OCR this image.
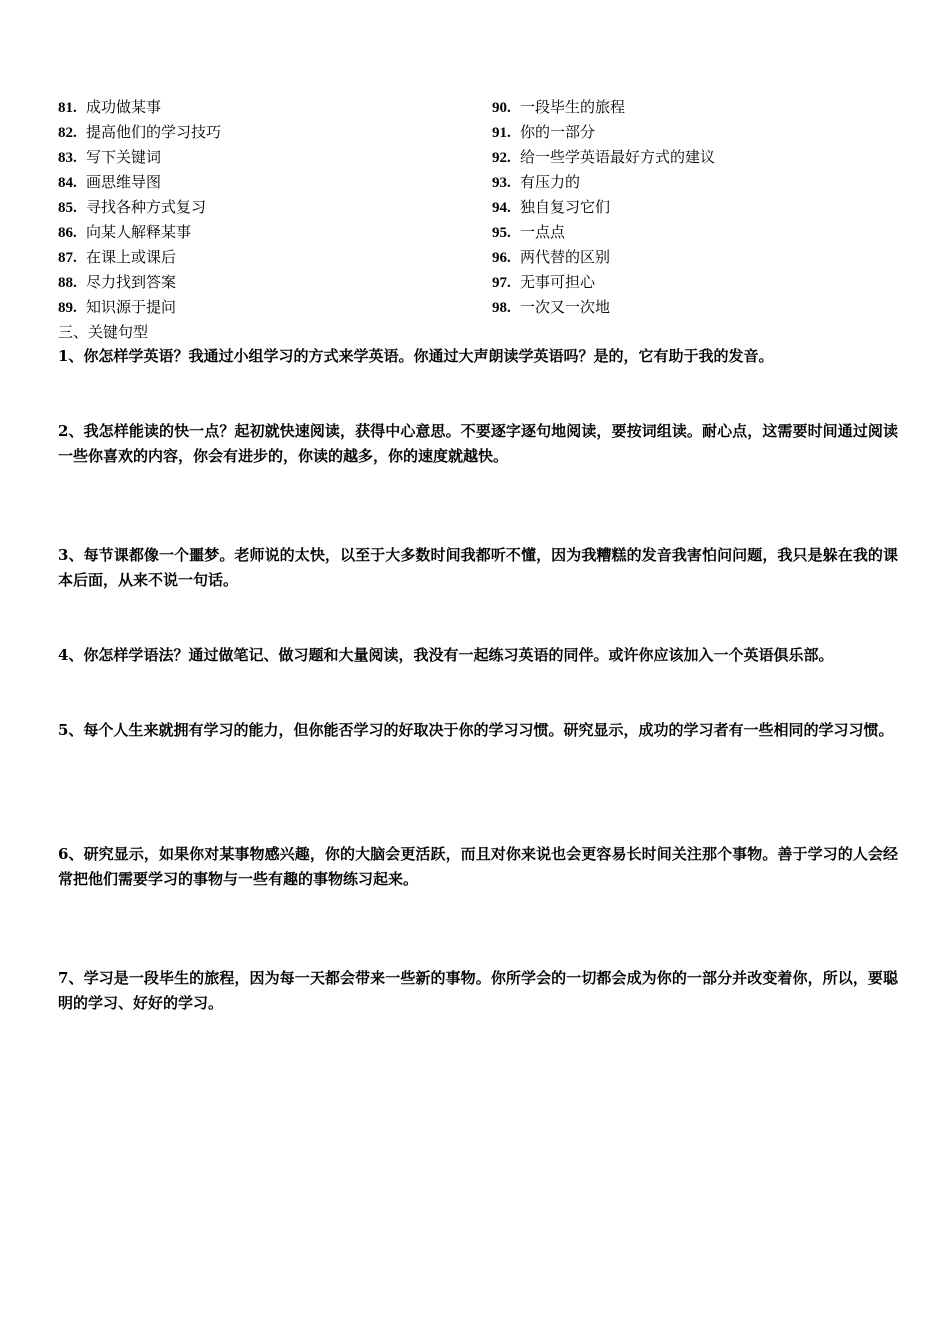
81. 成功做某事
82. 提高他们的学习技巧
83. 写下关键词
84. 画思维导图
85. 寻找各种方式复习
86. 向某人解释某事
87. 在课上或课后
88. 尽力找到答案
89. 知识源于提问
90. 一段毕生的旅程
91. 你的一部分
92. 给一些学英语最好方式的建议
93. 有压力的
94. 独自复习它们
95. 一点点
96. 两代替的区别
97. 无事可担心
98. 一次又一次地
三、关键句型
1、你怎样学英语？我通过小组学习的方式来学英语。你通过大声朗读学英语吗？是的，它有助于我的发音。
2、我怎样能读的快一点？起初就快速阅读，获得中心意思。不要逐字逐句地阅读，要按词组读。耐心点，这需要时间通过阅读一些你喜欢的内容，你会有进步的，你读的越多，你的速度就越快。
3、每节课都像一个噩梦。老师说的太快，以至于大多数时间我都听不懂，因为我糟糕的发音我害怕问问题，我只是躲在我的课本后面，从来不说一句话。
4、你怎样学语法？通过做笔记、做习题和大量阅读，我没有一起练习英语的同伴。或许你应该加入一个英语俱乐部。
5、每个人生来就拥有学习的能力，但你能否学习的好取决于你的学习习惯。研究显示，成功的学习者有一些相同的学习习惯。
6、研究显示，如果你对某事物感兴趣，你的大脑会更活跃，而且对你来说也会更容易长时间关注那个事物。善于学习的人会经常把他们需要学习的事物与一些有趣的事物练习起来。
7、学习是一段毕生的旅程，因为每一天都会带来一些新的事物。你所学会的一切都会成为你的一部分并改变着你，所以，要聪明的学习、好好的学习。
